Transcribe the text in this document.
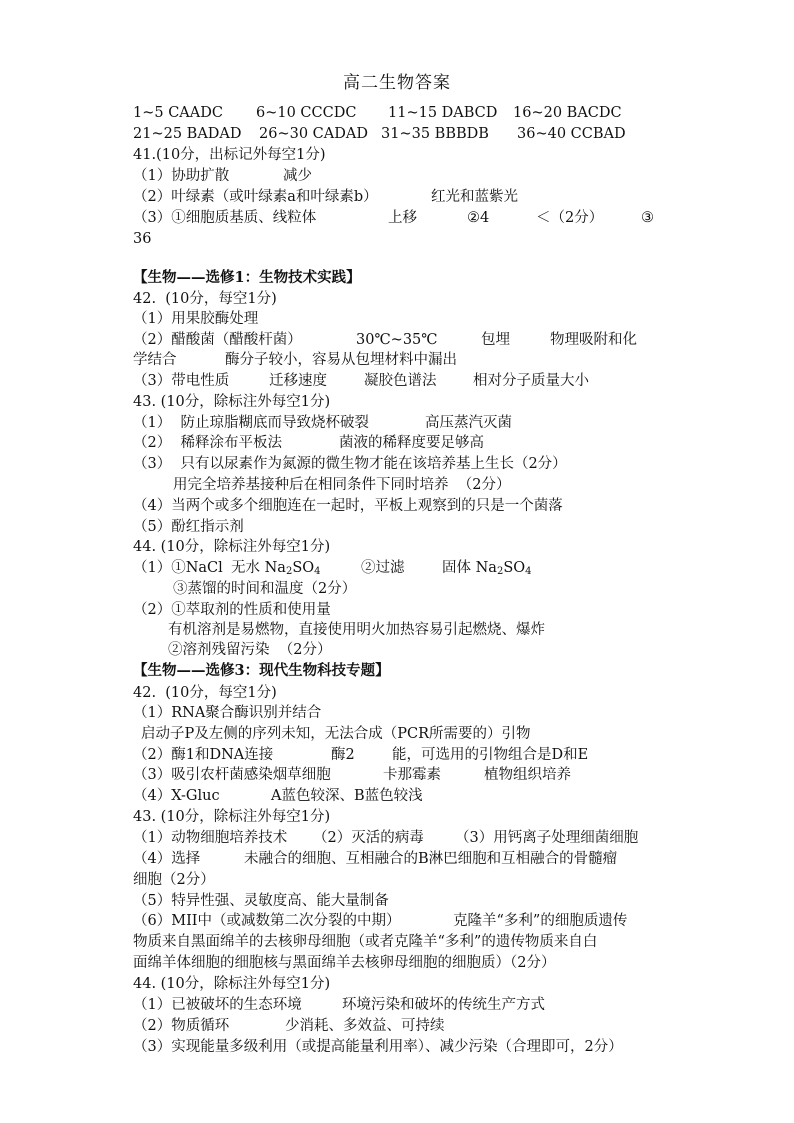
高二生物答案
1~5 CAADC 6~10 CCCDC 11~15 DABCD 16~20 BACDC
21~25 BADAD 26~30 CADAD 31~35 BBBDB 36~40 CCBAD
41.(10分，出标记外每空1分)
（1）协助扩散	减少
（2）叶绿素（或叶绿素a和叶绿素b）	红光和蓝紫光
（3）①细胞质基质、线粒体	上移	②4	＜（2分）	③
36
【生物——选修1：生物技术实践】
42.  (10分，每空1分)
（1）用果胶酶处理
（2）醋酸菌（醋酸杆菌）	30℃~35℃	包埋	物理吸附和化
学结合	酶分子较小，容易从包埋材料中漏出
（3）带电性质	迁移速度	凝胶色谱法	相对分子质量大小
43. (10分，除标注外每空1分)
（1）  防止琼脂糊底而导致烧杯破裂	高压蒸汽灭菌
（2）  稀释涂布平板法	菌液的稀释度要足够高
（3）  只有以尿素作为氮源的微生物才能在该培养基上生长（2分）
用完全培养基接种后在相同条件下同时培养  （2分）
（4）当两个或多个细胞连在一起时，平板上观察到的只是一个菌落
（5）酚红指示剂
44. (10分，除标注外每空1分)
（1）①NaCl 无水 $Na_2SO_4$	②过滤	固体 $Na_2SO_4$
③蒸馏的时间和温度（2分）
（2）①萃取剂的性质和使用量
有机溶剂是易燃物，直接使用明火加热容易引起燃烧、爆炸
②溶剂残留污染  （2分）
【生物——选修3：现代生物科技专题】
42.  (10分，每空1分)
（1）RNA聚合酶识别并结合
启动子P及左侧的序列未知，无法合成（PCR所需要的）引物
（2）酶1和DNA连接	酶2	能，可选用的引物组合是D和E
（3）吸引农杆菌感染烟草细胞	卡那霉素	植物组织培养
（4）X-Gluc	A蓝色较深、B蓝色较浅
43. (10分，除标注外每空1分)
（1）动物细胞培养技术 （2）灭活的病毒 （3）用钙离子处理细菌细胞
（4）选择	未融合的细胞、互相融合的B淋巴细胞和互相融合的骨髓瘤
细胞（2分）
（5）特异性强、灵敏度高、能大量制备
（6）MII中（或减数第二次分裂的中期）	克隆羊“多利”的细胞质遗传
物质来自黑面绵羊的去核卵母细胞（或者克隆羊“多利”的遗传物质来自白
面绵羊体细胞的细胞核与黑面绵羊去核卵母细胞的细胞质）（2分）
44. (10分，除标注外每空1分)
（1）已被破坏的生态环境	环境污染和破坏的传统生产方式
（2）物质循环	少消耗、多效益、可持续
（3）实现能量多级利用（或提高能量利用率）、减少污染（合理即可，2分）
